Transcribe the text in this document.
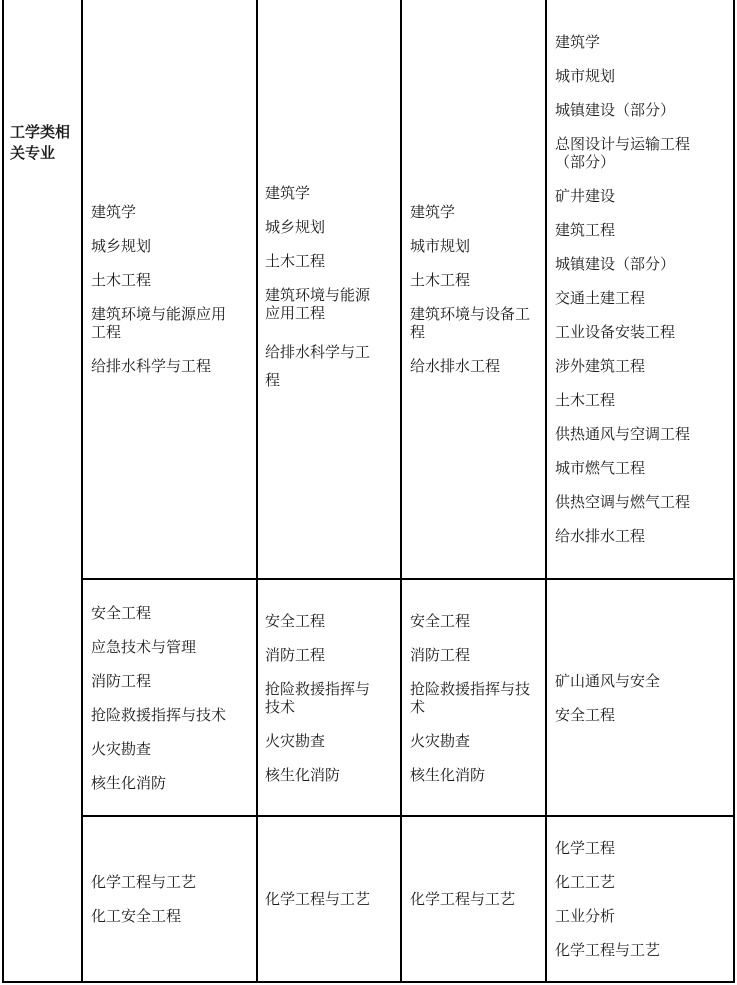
工学类相
关专业
建筑学
城乡规划
土木工程
建筑环境与能源应用
工程
给排水科学与工程
建筑学
城乡规划
土木工程
建筑环境与能源
应用工程
给排水科学与工
程
建筑学
城市规划
土木工程
建筑环境与设备工
程
给水排水工程
建筑学
城市规划
城镇建设（部分）
总图设计与运输工程
（部分）
矿井建设
建筑工程
城镇建设（部分）
交通土建工程
工业设备安装工程
涉外建筑工程
土木工程
供热通风与空调工程
城市燃气工程
供热空调与燃气工程
给水排水工程
安全工程
应急技术与管理
消防工程
抢险救援指挥与技术
火灾勘查
核生化消防
安全工程
消防工程
抢险救援指挥与
技术
火灾勘查
核生化消防
安全工程
消防工程
抢险救援指挥与技
术
火灾勘查
核生化消防
矿山通风与安全
安全工程
化学工程与工艺
化工安全工程
化学工程与工艺	化学工程与工艺
化学工程
化工工艺
工业分析
化学工程与工艺
